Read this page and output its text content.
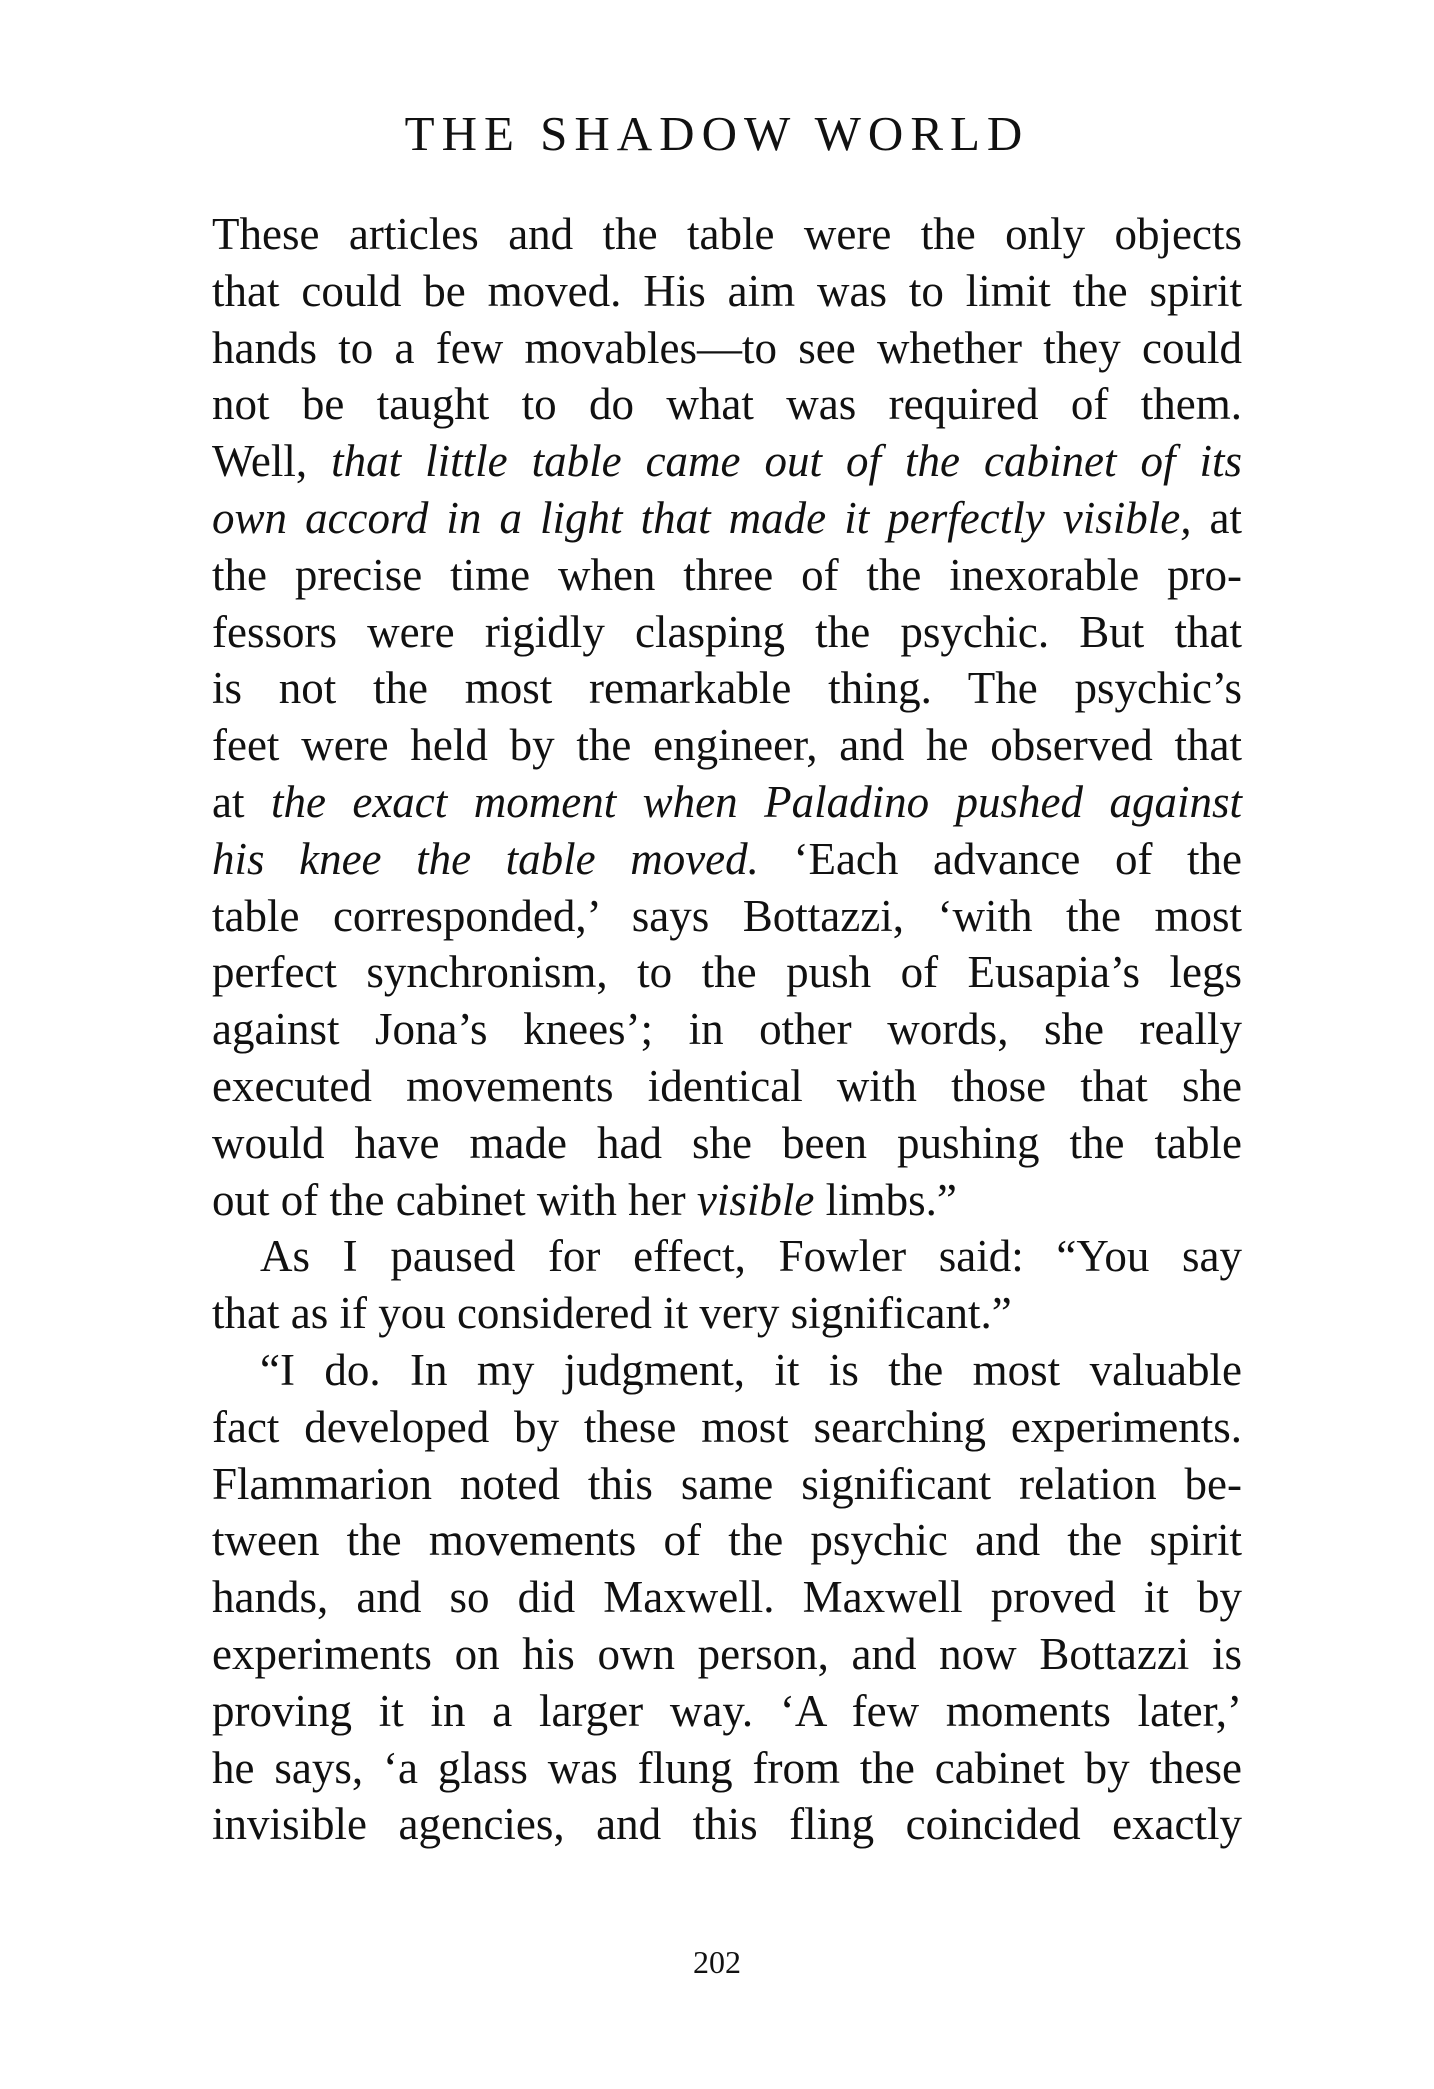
THE SHADOW WORLD
These articles and the table were the only objects
that could be moved. His aim was to limit the spirit
hands to a few movables—to see whether they could
not be taught to do what was required of them.
Well, that little table came out of the cabinet of its
own accord in a light that made it perfectly visible, at
the precise time when three of the inexorable pro-
fessors were rigidly clasping the psychic. But that
is not the most remarkable thing. The psychic’s
feet were held by the engineer, and he observed that
at the exact moment when Paladino pushed against
his knee the table moved. ‘Each advance of the
table corresponded,’ says Bottazzi, ‘with the most
perfect synchronism, to the push of Eusapia’s legs
against Jona’s knees’; in other words, she really
executed movements identical with those that she
would have made had she been pushing the table
out of the cabinet with her visible limbs.”
As I paused for effect, Fowler said: “You say
that as if you considered it very significant.”
“I do. In my judgment, it is the most valuable
fact developed by these most searching experiments.
Flammarion noted this same significant relation be-
tween the movements of the psychic and the spirit
hands, and so did Maxwell. Maxwell proved it by
experiments on his own person, and now Bottazzi is
proving it in a larger way. ‘A few moments later,’
he says, ‘a glass was flung from the cabinet by these
invisible agencies, and this fling coincided exactly
202
